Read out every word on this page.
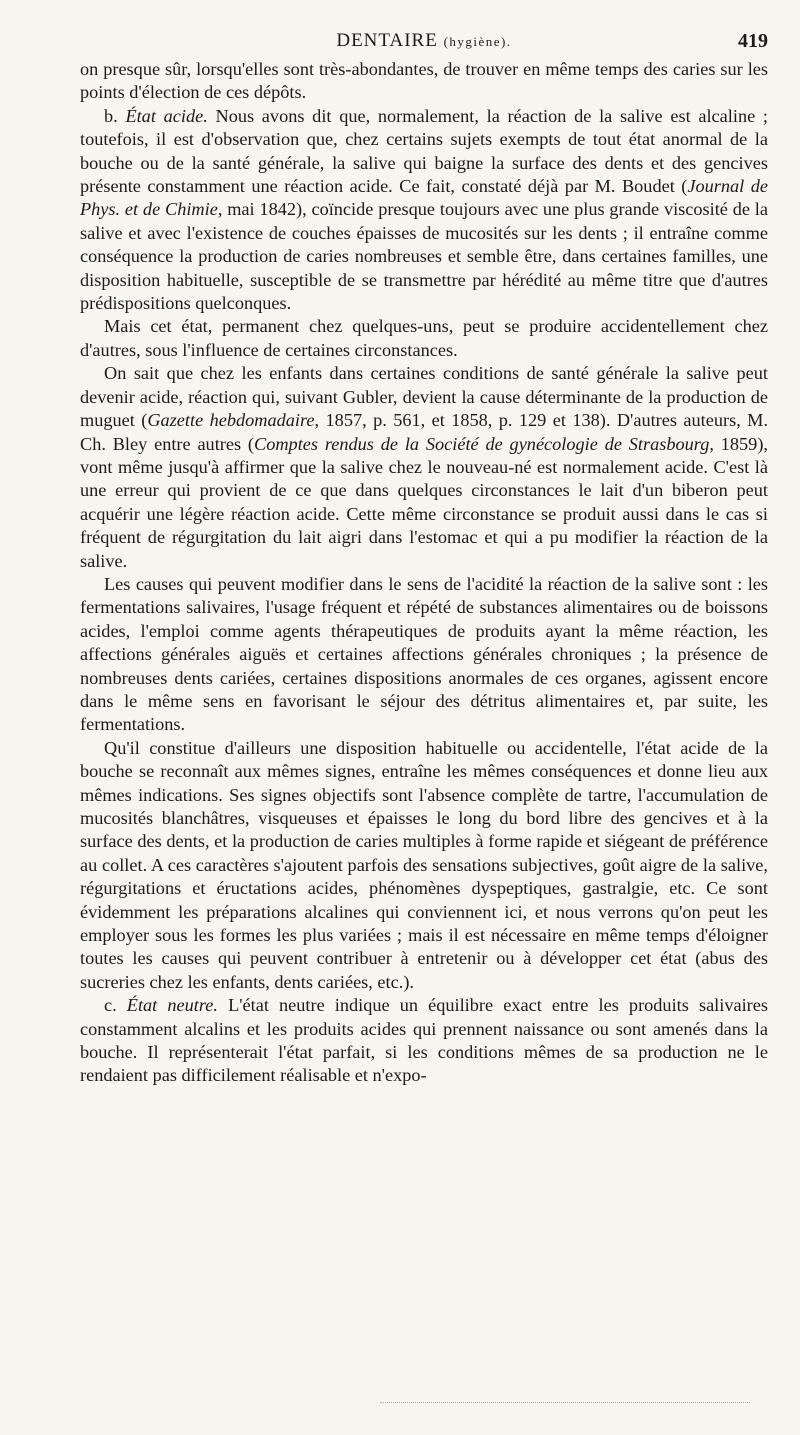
DENTAIRE (hygiène).	419

on presque sûr, lorsqu'elles sont très-abondantes, de trouver en même temps des caries sur les points d'élection de ces dépôts.

b. État acide. Nous avons dit que, normalement, la réaction de la salive est alcaline ; toutefois, il est d'observation que, chez certains sujets exempts de tout état anormal de la bouche ou de la santé générale, la salive qui baigne la surface des dents et des gencives présente constamment une réaction acide. Ce fait, constaté déjà par M. Boudet (Journal de Phys. et de Chimie, mai 1842), coïncide presque toujours avec une plus grande viscosité de la salive et avec l'existence de couches épaisses de mucosités sur les dents ; il entraîne comme conséquence la production de caries nombreuses et semble être, dans certaines familles, une disposition habituelle, susceptible de se transmettre par hérédité au même titre que d'autres prédispositions quelconques.

Mais cet état, permanent chez quelques-uns, peut se produire accidentellement chez d'autres, sous l'influence de certaines circonstances.

On sait que chez les enfants dans certaines conditions de santé générale la salive peut devenir acide, réaction qui, suivant Gubler, devient la cause déterminante de la production de muguet (Gazette hebdomadaire, 1857, p. 561, et 1858, p. 129 et 138). D'autres auteurs, M. Ch. Bley entre autres (Comptes rendus de la Société de gynécologie de Strasbourg, 1859), vont même jusqu'à affirmer que la salive chez le nouveau-né est normalement acide. C'est là une erreur qui provient de ce que dans quelques circonstances le lait d'un biberon peut acquérir une légère réaction acide. Cette même circonstance se produit aussi dans le cas si fréquent de régurgitation du lait aigri dans l'estomac et qui a pu modifier la réaction de la salive.

Les causes qui peuvent modifier dans le sens de l'acidité la réaction de la salive sont : les fermentations salivaires, l'usage fréquent et répété de substances alimentaires ou de boissons acides, l'emploi comme agents thérapeutiques de produits ayant la même réaction, les affections générales aiguës et certaines affections générales chroniques ; la présence de nombreuses dents cariées, certaines dispositions anormales de ces organes, agissent encore dans le même sens en favorisant le séjour des détritus alimentaires et, par suite, les fermentations.

Qu'il constitue d'ailleurs une disposition habituelle ou accidentelle, l'état acide de la bouche se reconnaît aux mêmes signes, entraîne les mêmes conséquences et donne lieu aux mêmes indications. Ses signes objectifs sont l'absence complète de tartre, l'accumulation de mucosités blanchâtres, visqueuses et épaisses le long du bord libre des gencives et à la surface des dents, et la production de caries multiples à forme rapide et siégeant de préférence au collet. A ces caractères s'ajoutent parfois des sensations subjectives, goût aigre de la salive, régurgitations et éructations acides, phénomènes dyspeptiques, gastralgie, etc. Ce sont évidemment les préparations alcalines qui conviennent ici, et nous verrons qu'on peut les employer sous les formes les plus variées ; mais il est nécessaire en même temps d'éloigner toutes les causes qui peuvent contribuer à entretenir ou à développer cet état (abus des sucreries chez les enfants, dents cariées, etc.).

c. État neutre. L'état neutre indique un équilibre exact entre les produits salivaires constamment alcalins et les produits acides qui prennent naissance ou sont amenés dans la bouche. Il représenterait l'état parfait, si les conditions mêmes de sa production ne le rendaient pas difficilement réalisable et n'expo-
